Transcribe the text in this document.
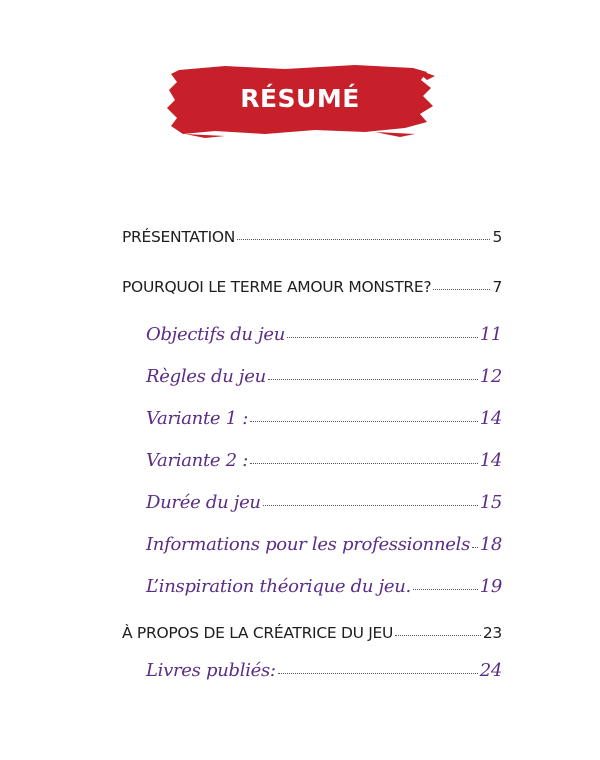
RÉSUMÉ
PRÉSENTATION	5
POURQUOI LE TERME AMOUR MONSTRE?	7
Objectifs du jeu	11
Règles du jeu	12
Variante 1 :	14
Variante 2 :	14
Durée du jeu	15
Informations pour les professionnels 18
L’inspiration théorique du jeu.	19
À PROPOS DE LA CRÉATRICE DU JEU	23
Livres publiés:	24
